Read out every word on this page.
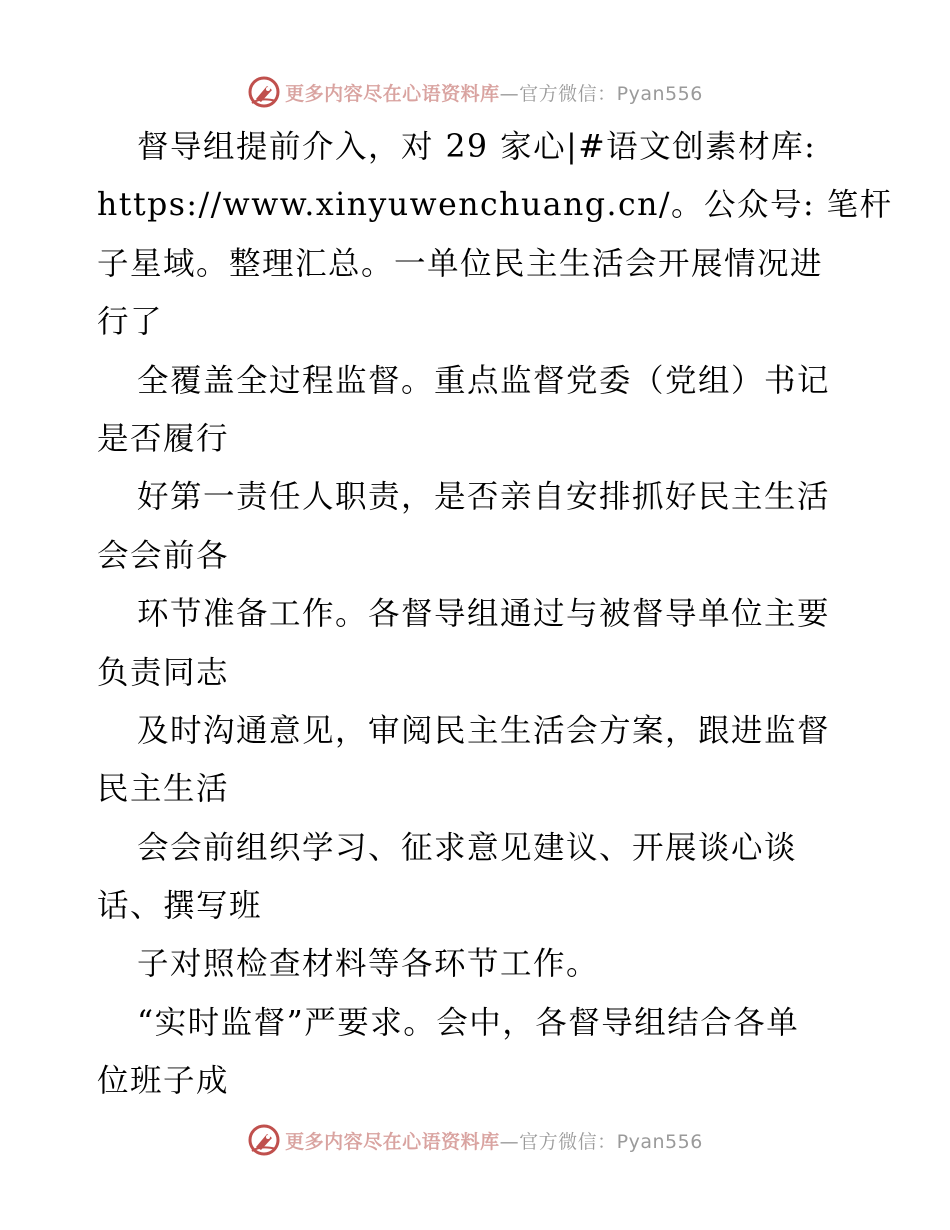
更多内容尽在心语资料库—官方微信：Pyan556
督导组提前介入，对 29 家心|#语文创素材库:
https://www.xinyuwenchuang.cn/。公众号: 笔杆
子星域。整理汇总。一单位民主生活会开展情况进
行了
全覆盖全过程监督。重点监督党委（党组）书记
是否履行
好第一责任人职责，是否亲自安排抓好民主生活
会会前各
环节准备工作。各督导组通过与被督导单位主要
负责同志
及时沟通意见，审阅民主生活会方案，跟进监督
民主生活
会会前组织学习、征求意见建议、开展谈心谈
话、撰写班
子对照检查材料等各环节工作。
“实时监督”严要求。会中，各督导组结合各单
位班子成
更多内容尽在心语资料库—官方微信：Pyan556
